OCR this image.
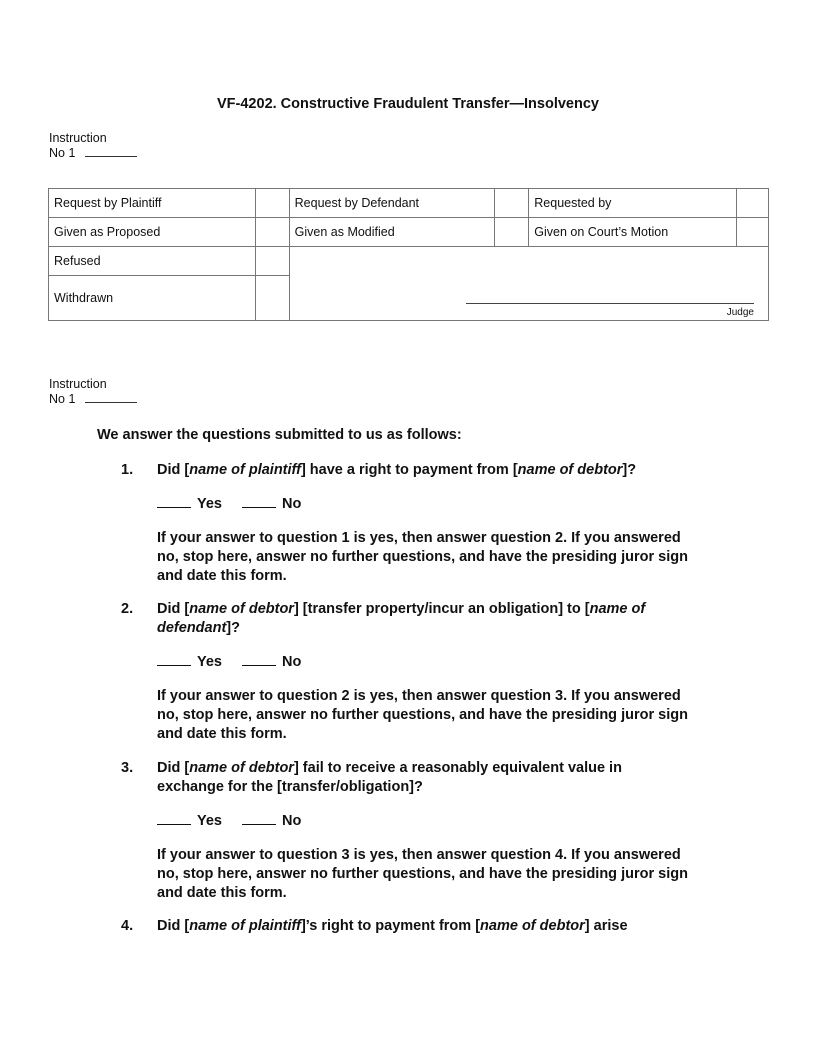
VF-4202. Constructive Fraudulent Transfer—Insolvency
Instruction
No 1
Request by Plaintiff		Request by Defendant		Requested by	
Given as Proposed		Given as Modified		Given on Court’s Motion	
Refused		Judge			

Withdrawn					
Instruction
No 1
We answer the questions submitted to us as follows:
1. Did [name of plaintiff] have a right to payment from [name of debtor]?
Yes	No
If your answer to question 1 is yes, then answer question 2. If you answered no, stop here, answer no further questions, and have the presiding juror sign and date this form.
2. Did [name of debtor] [transfer property/incur an obligation] to [name of defendant]?
Yes	No
If your answer to question 2 is yes, then answer question 3. If you answered no, stop here, answer no further questions, and have the presiding juror sign and date this form.
3. Did [name of debtor] fail to receive a reasonably equivalent value in exchange for the [transfer/obligation]?
Yes	No
If your answer to question 3 is yes, then answer question 4. If you answered no, stop here, answer no further questions, and have the presiding juror sign and date this form.
4. Did [name of plaintiff]’s right to payment from [name of debtor] arise
